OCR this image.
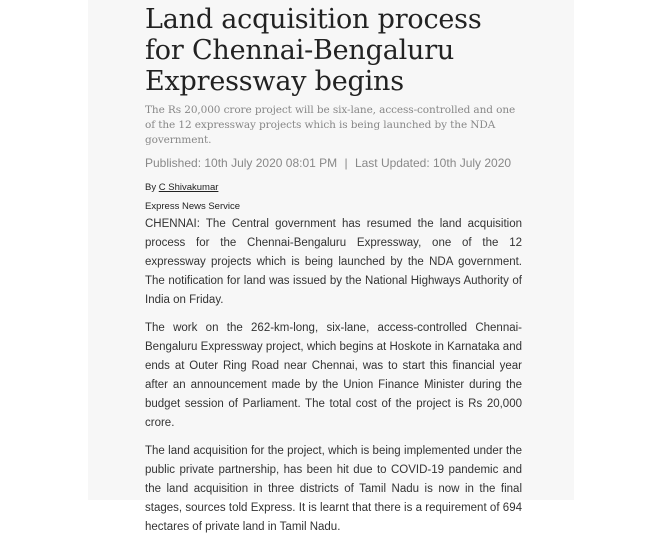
Land acquisition process for Chennai-Bengaluru Expressway begins
The Rs 20,000 crore project will be six-lane, access-controlled and one of the 12 expressway projects which is being launched by the NDA government.
Published: 10th July 2020 08:01 PM | Last Updated: 10th July 2020
By C Shivakumar
Express News Service

CHENNAI: The Central government has resumed the land acquisition process for the Chennai-Bengaluru Expressway, one of the 12 expressway projects which is being launched by the NDA government. The notification for land was issued by the National Highways Authority of India on Friday.

The work on the 262-km-long, six-lane, access-controlled Chennai-Bengaluru Expressway project, which begins at Hoskote in Karnataka and ends at Outer Ring Road near Chennai, was to start this financial year after an announcement made by the Union Finance Minister during the budget session of Parliament. The total cost of the project is Rs 20,000 crore.

The land acquisition for the project, which is being implemented under the public private partnership, has been hit due to COVID-19 pandemic and the land acquisition in three districts of Tamil Nadu is now in the final stages, sources told Express. It is learnt that there is a requirement of 694 hectares of private land in Tamil Nadu.
